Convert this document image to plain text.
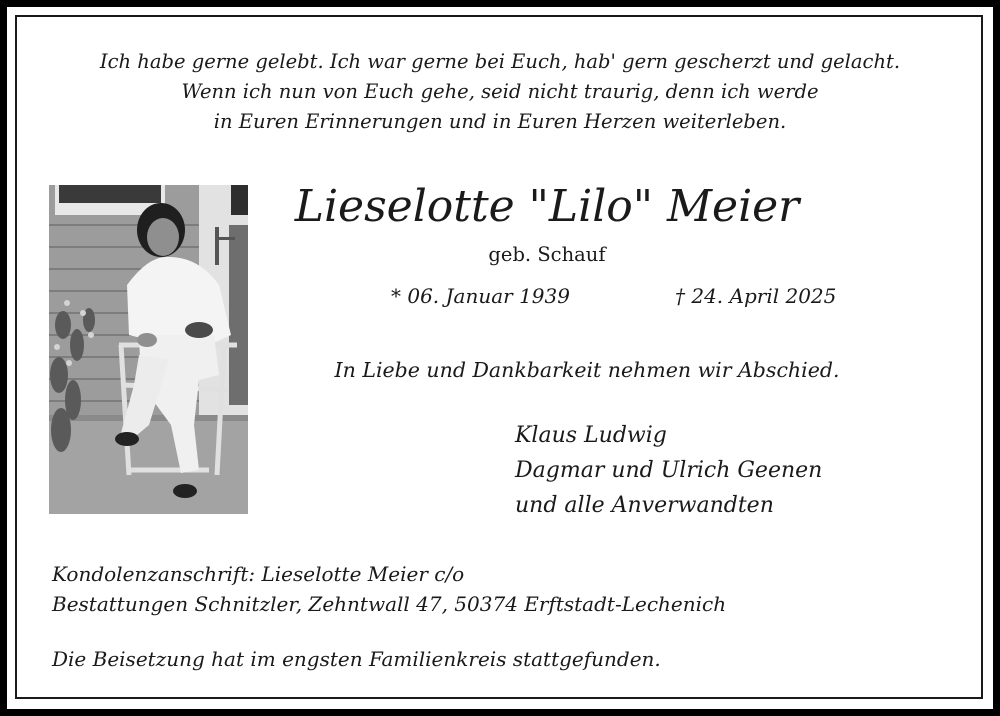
Ich habe gerne gelebt. Ich war gerne bei Euch, hab' gern gescherzt und gelacht.
Wenn ich nun von Euch gehe, seid nicht traurig, denn ich werde
in Euren Erinnerungen und in Euren Herzen weiterleben.
Lieselotte "Lilo" Meier
geb. Schauf
* 06. Januar 1939	† 24. April 2025
In Liebe und Dankbarkeit nehmen wir Abschied.
Klaus Ludwig
Dagmar und Ulrich Geenen
und alle Anverwandten
Kondolenzanschrift: Lieselotte Meier c/o
Bestattungen Schnitzler, Zehntwall 47, 50374 Erftstadt-Lechenich
Die Beisetzung hat im engsten Familienkreis stattgefunden.
